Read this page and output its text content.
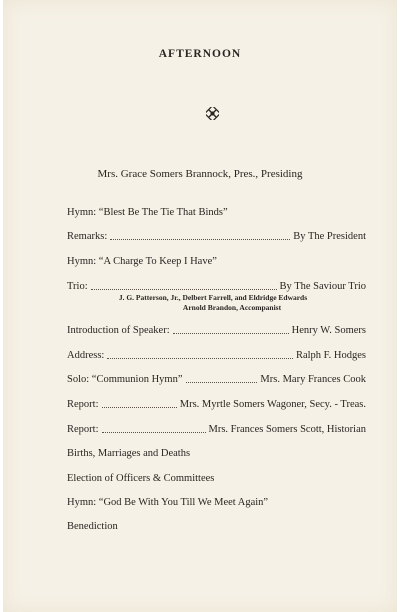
AFTERNOON
Mrs. Grace Somers Brannock, Pres., Presiding
Hymn: “Blest Be The Tie That Binds”
Remarks:	By The President
Hymn: “A Charge To Keep I Have”
Trio:	By The Saviour Trio
J. G. Patterson, Jr., Delbert Farrell, and Eldridge Edwards
Arnold Brandon, Accompanist
Introduction of Speaker:	Henry W. Somers
Address:	Ralph F. Hodges
Solo: “Communion Hymn”	Mrs. Mary Frances Cook
Report:	Mrs. Myrtle Somers Wagoner, Secy. - Treas.
Report:	Mrs. Frances Somers Scott, Historian
Births, Marriages and Deaths
Election of Officers & Committees
Hymn: “God Be With You Till We Meet Again”
Benediction
